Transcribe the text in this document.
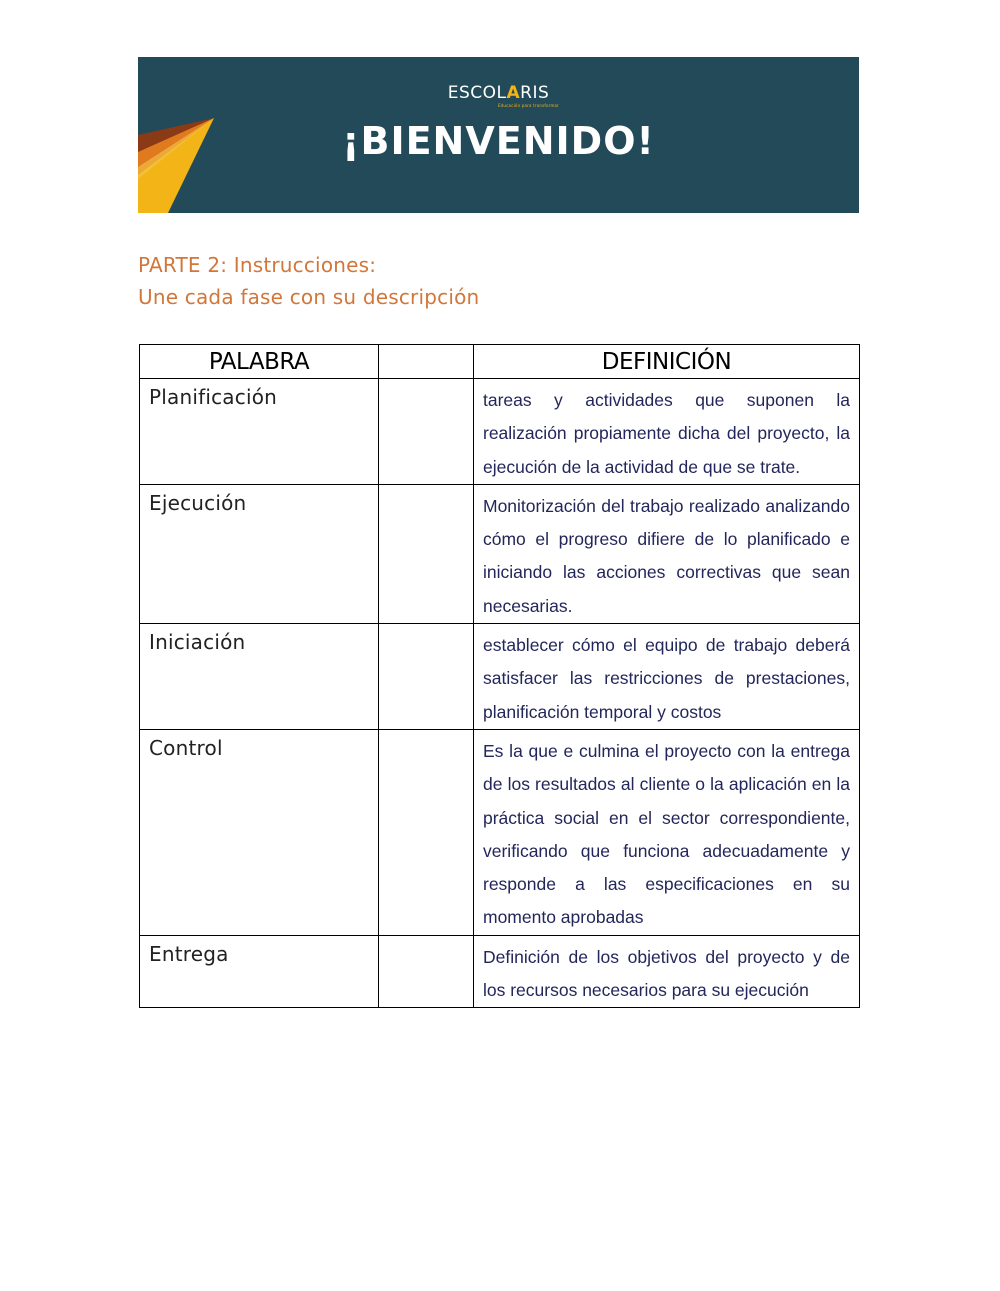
ESCOLARIS
Educación para transformar
¡BIENVENIDO!
PARTE 2: Instrucciones:
Une cada fase con su descripción
PALABRA		DEFINICIÓN
Planificación		tareas y actividades que suponen la realización propiamente dicha del proyecto, la ejecución de la actividad de que se trate.
Ejecución		Monitorización del trabajo realizado analizando cómo el progreso difiere de lo planificado e iniciando las acciones correctivas que sean necesarias.
Iniciación		establecer cómo el equipo de trabajo deberá satisfacer las restricciones de prestaciones, planificación temporal y costos
Control		Es la que e culmina el proyecto con la entrega de los resultados al cliente o la aplicación en la práctica social en el sector correspondiente, verificando que funciona adecuadamente y responde a las especificaciones en su momento aprobadas
Entrega		Definición de los objetivos del proyecto y de los recursos necesarios para su ejecución
